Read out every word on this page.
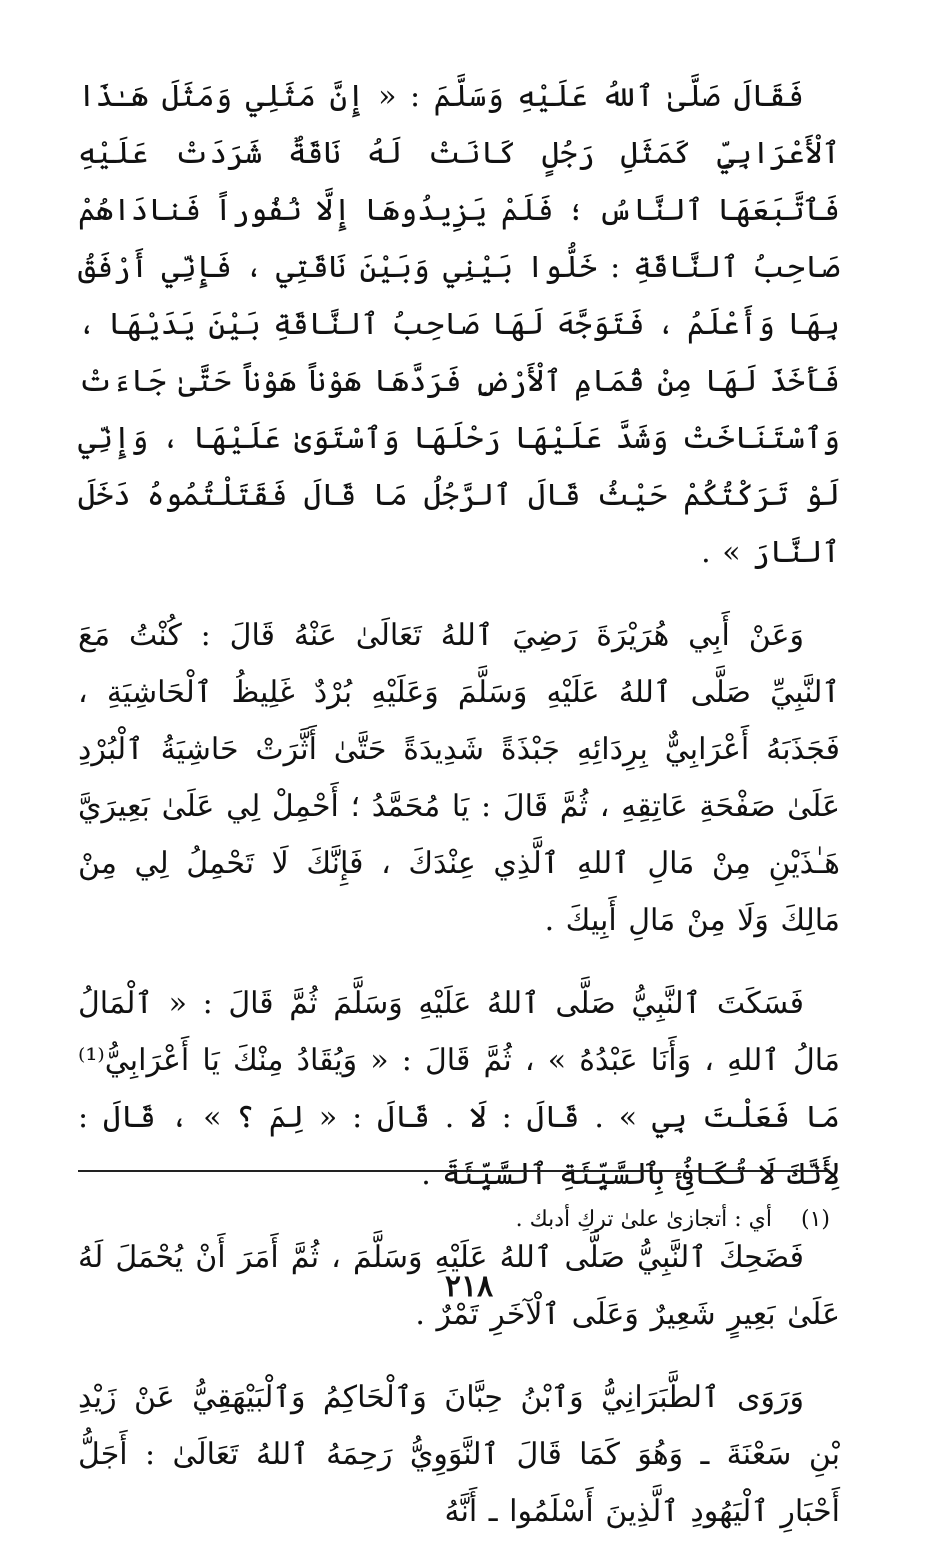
فَقَالَ صَلَّىٰ ٱللهُ عَلَيْهِ وَسَلَّمَ : « إِنَّ مَثَلِي وَمَثَلَ هَـٰذَا ٱلْأَعْرَابِيِّ كَمَثَلِ رَجُلٍ كَانَتْ لَهُ نَاقَةٌ شَرَدَتْ عَلَيْهِ فَٱتَّبَعَهَا ٱلنَّاسُ ؛ فَلَمْ يَزِيدُوهَا إِلَّا نُفُوراً فَنادَاهُمْ صَاحِبُ ٱلنَّاقَةِ : خَلُّوا بَيْنِي وَبَيْنَ نَاقَتِي ، فَإِنِّي أَرْفَقُ بِهَا وَأَعْلَمُ ، فَتَوَجَّهَ لَهَا صَاحِبُ ٱلنَّاقَةِ بَيْنَ يَدَيْهَا ، فَأَخَذَ لَهَا مِنْ قُمَامِ ٱلْأَرْضِ فَرَدَّهَا هَوْناً هَوْناً حَتَّىٰ جَاءَتْ وَٱسْتَنَاخَتْ وَشَدَّ عَلَيْهَا رَحْلَهَا وَٱسْتَوَىٰ عَلَيْهَا ، وَإِنِّي لَوْ تَرَكْتُكُمْ حَيْثُ قَالَ ٱلرَّجُلُ مَا قَالَ فَقَتَلْتُمُوهُ دَخَلَ ٱلنَّارَ » .

وَعَنْ أَبِي هُرَيْرَةَ رَضِيَ ٱللهُ تَعَالَىٰ عَنْهُ قَالَ : كُنْتُ مَعَ ٱلنَّبِيِّ صَلَّى ٱللهُ عَلَيْهِ وَسَلَّمَ وَعَلَيْهِ بُرْدٌ غَلِيظُ ٱلْحَاشِيَةِ ، فَجَذَبَهُ أَعْرَابِيٌّ بِرِدَائِهِ جَبْذَةً شَدِيدَةً حَتَّىٰ أَثَّرَتْ حَاشِيَةُ ٱلْبُرْدِ عَلَىٰ صَفْحَةِ عَاتِقِهِ ، ثُمَّ قَالَ : يَا مُحَمَّدُ ؛ أَحْمِلْ لِي عَلَىٰ بَعِيرَيَّ هَـٰذَيْنِ مِنْ مَالِ ٱللهِ ٱلَّذِي عِنْدَكَ ، فَإِنَّكَ لَا تَحْمِلُ لِي مِنْ مَالِكَ وَلَا مِنْ مَالِ أَبِيكَ .

فَسَكَتَ ٱلنَّبِيُّ صَلَّى ٱللهُ عَلَيْهِ وَسَلَّمَ ثُمَّ قَالَ : « ٱلْمَالُ مَالُ ٱللهِ ، وَأَنَا عَبْدُهُ » ، ثُمَّ قَالَ : « وَيُقَادُ مِنْكَ يَا أَعْرَابِيُّ⁽¹⁾ مَا فَعَلْتَ بِي » . قَالَ : لَا . قَالَ : « لِمَ ؟ » ، قَالَ : لِأَنَّكَ لَا تُكَافِئُ بِٱلسَّيِّئَةِ ٱلسَّيِّئَةَ .

فَضَحِكَ ٱلنَّبِيُّ صَلَّى ٱللهُ عَلَيْهِ وَسَلَّمَ ، ثُمَّ أَمَرَ أَنْ يُحْمَلَ لَهُ عَلَىٰ بَعِيرٍ شَعِيرٌ وَعَلَى ٱلْآخَرِ تَمْرٌ .

وَرَوَى ٱلطَّبَرَانِيُّ وَٱبْنُ حِبَّانَ وَٱلْحَاكِمُ وَٱلْبَيْهَقِيُّ عَنْ زَيْدِ بْنِ سَعْنَةَ ـ وَهُوَ كَمَا قَالَ ٱلنَّوَوِيُّ رَحِمَهُ ٱللهُ تَعَالَىٰ : أَجَلُّ أَحْبَارِ ٱلْيَهُودِ ٱلَّذِينَ أَسْلَمُوا ـ أَنَّهُ

(١) أي : أتجازىٰ علىٰ تركِ أدبك .
٢١٨
